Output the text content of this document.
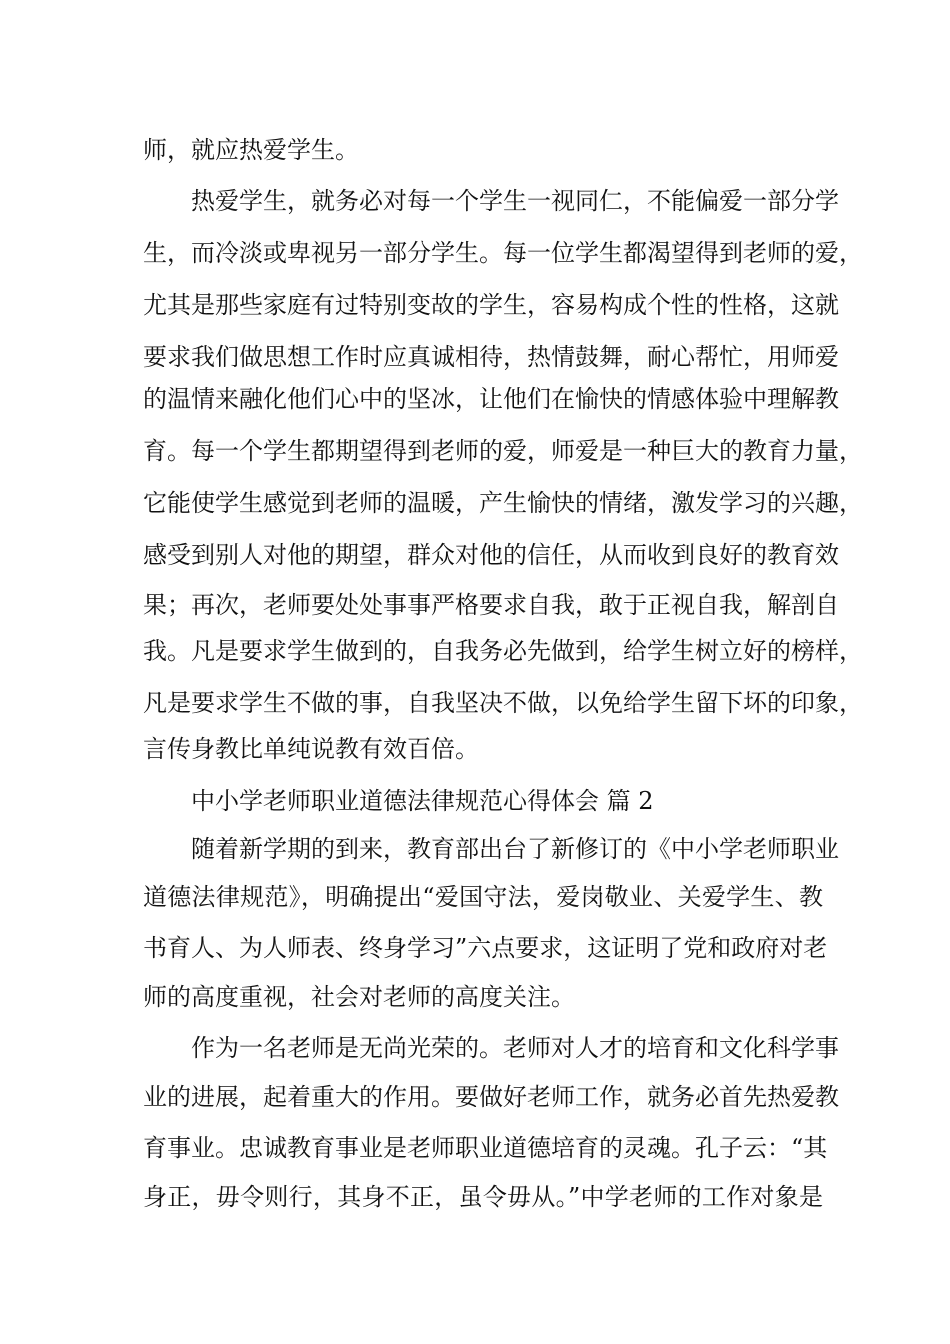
师，就应热爱学生。
热爱学生，就务必对每一个学生一视同仁，不能偏爱一部分学
生，而冷淡或卑视另一部分学生。每一位学生都渴望得到老师的爱，
尤其是那些家庭有过特别变故的学生，容易构成个性的性格，这就
要求我们做思想工作时应真诚相待，热情鼓舞，耐心帮忙，用师爱
的温情来融化他们心中的坚冰，让他们在愉快的情感体验中理解教
育。每一个学生都期望得到老师的爱，师爱是一种巨大的教育力量，
它能使学生感觉到老师的温暖，产生愉快的情绪，激发学习的兴趣，
感受到别人对他的期望，群众对他的信任，从而收到良好的教育效
果；再次，老师要处处事事严格要求自我，敢于正视自我，解剖自
我。凡是要求学生做到的，自我务必先做到，给学生树立好的榜样，
凡是要求学生不做的事，自我坚决不做，以免给学生留下坏的印象，
言传身教比单纯说教有效百倍。
中小学老师职业道德法律规范心得体会 篇 2
随着新学期的到来，教育部出台了新修订的《中小学老师职业
道德法律规范》，明确提出“爱国守法，爱岗敬业、关爱学生、教
书育人、为人师表、终身学习”六点要求，这证明了党和政府对老
师的高度重视，社会对老师的高度关注。
作为一名老师是无尚光荣的。老师对人才的培育和文化科学事
业的进展，起着重大的作用。要做好老师工作，就务必首先热爱教
育事业。忠诚教育事业是老师职业道德培育的灵魂。孔子云：“其
身正，毋令则行，其身不正，虽令毋从。”中学老师的工作对象是
